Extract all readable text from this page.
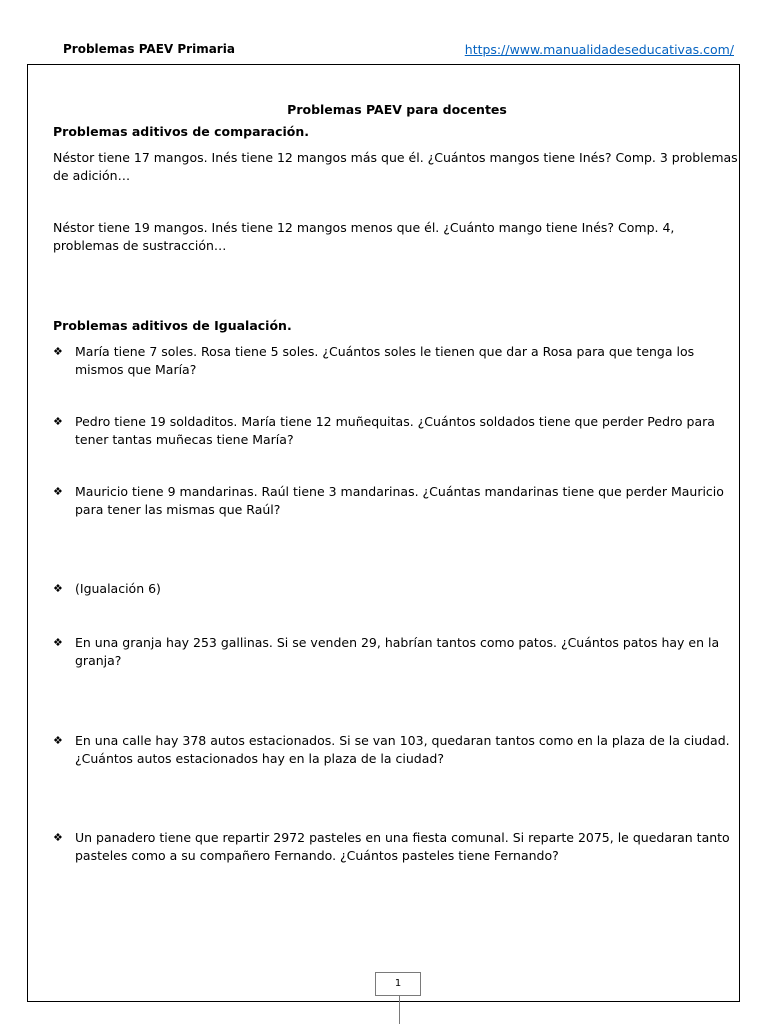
Problemas PAEV Primaria	https://www.manualidadeseducativas.com/

Problemas PAEV para docentes

Problemas aditivos de comparación.

Néstor tiene 17 mangos. Inés tiene 12 mangos más que él. ¿Cuántos mangos tiene Inés? Comp. 3 problemas de adición…

Néstor tiene 19 mangos. Inés tiene 12 mangos menos que él. ¿Cuánto mango tiene Inés? Comp. 4, problemas de sustracción…

Problemas aditivos de Igualación.

❖ María tiene 7 soles. Rosa tiene 5 soles. ¿Cuántos soles le tienen que dar a Rosa para que tenga los mismos que María?
❖ Pedro tiene 19 soldaditos. María tiene 12 muñequitas. ¿Cuántos soldados tiene que perder Pedro para tener tantas muñecas tiene María?
❖ Mauricio tiene 9 mandarinas. Raúl tiene 3 mandarinas. ¿Cuántas mandarinas tiene que perder Mauricio para tener las mismas que Raúl?
❖ (Igualación 6)
❖ En una granja hay 253 gallinas. Si se venden 29, habrían tantos como patos. ¿Cuántos patos hay en la granja?
❖ En una calle hay 378 autos estacionados. Si se van 103, quedaran tantos como en la plaza de la ciudad. ¿Cuántos autos estacionados hay en la plaza de la ciudad?
❖ Un panadero tiene que repartir 2972 pasteles en una fiesta comunal. Si reparte 2075, le quedaran tanto pasteles como a su compañero Fernando. ¿Cuántos pasteles tiene Fernando?
1
